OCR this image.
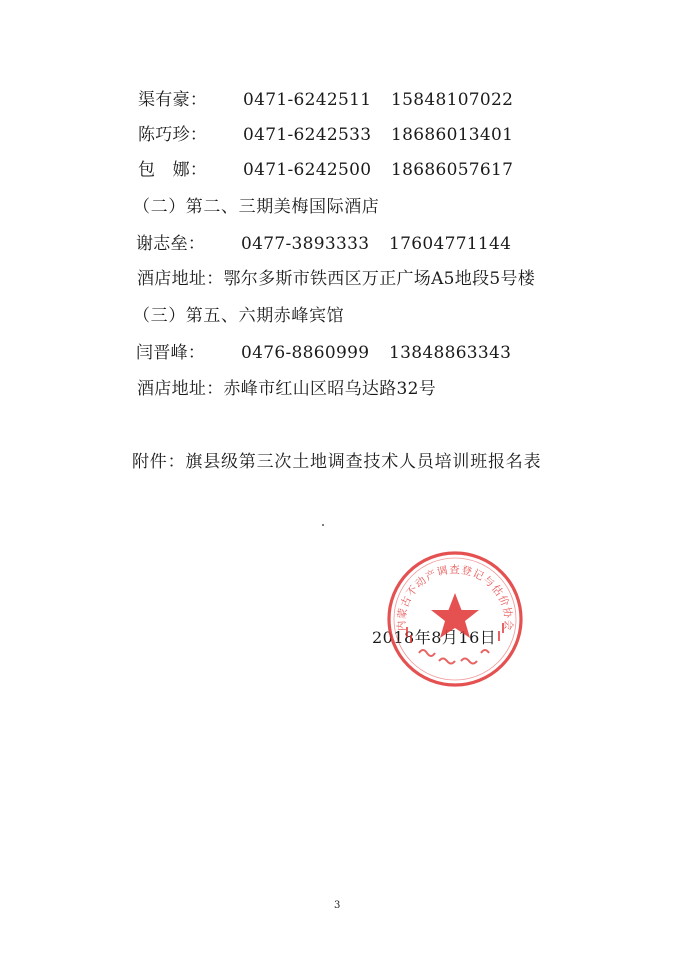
渠有豪： 0471-6242511 15848107022
陈巧珍： 0471-6242533 18686013401
包　娜： 0471-6242500 18686057617
（二）第二、三期美梅国际酒店
谢志垒： 0477-3893333 17604771144
酒店地址：鄂尔多斯市铁西区万正广场A5地段5号楼
（三）第五、六期赤峰宾馆
闫晋峰： 0476-8860999 13848863343
酒店地址：赤峰市红山区昭乌达路32号
附件：旗县级第三次土地调查技术人员培训班报名表
2018年8月16日
内蒙古不动产调查登记与估价协会
3
